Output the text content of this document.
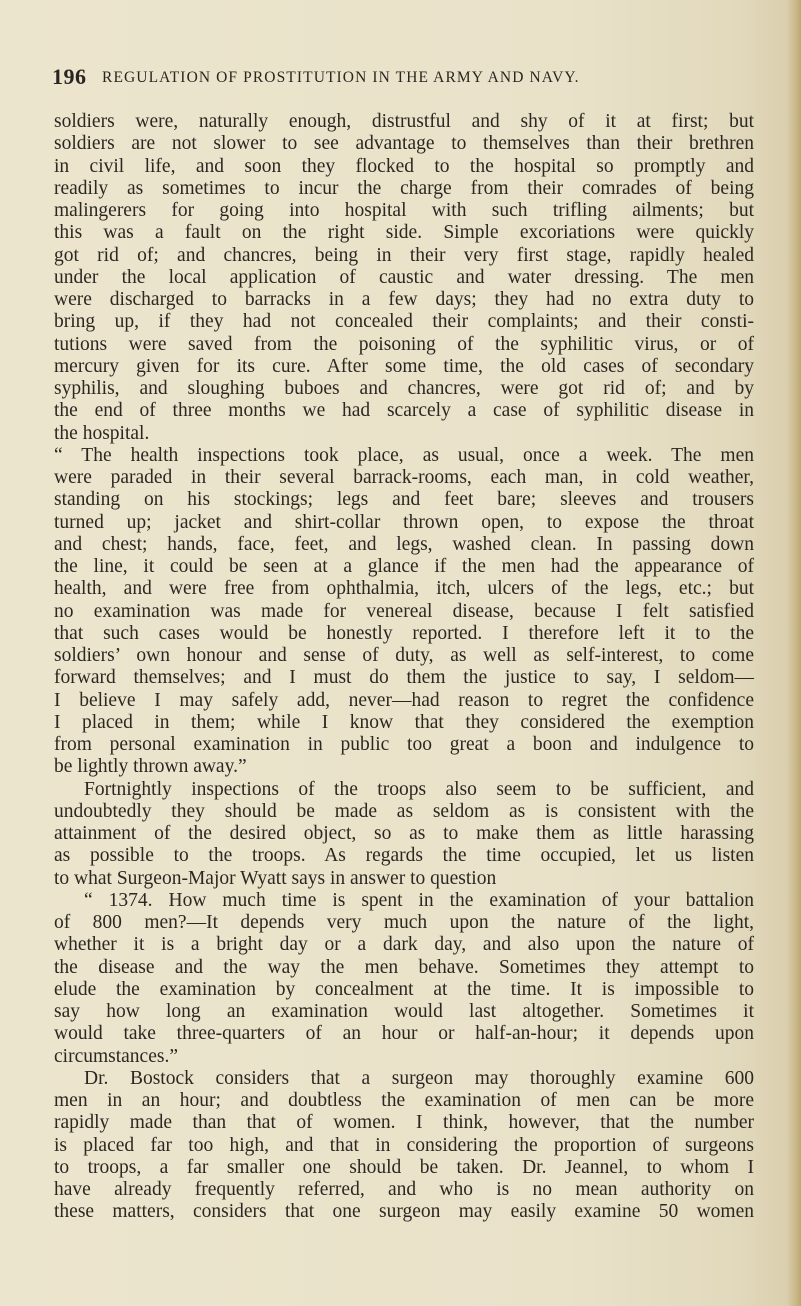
196 REGULATION OF PROSTITUTION IN THE ARMY AND NAVY.
soldiers were, naturally enough, distrustful and shy of it at first; but
soldiers are not slower to see advantage to themselves than their brethren
in civil life, and soon they flocked to the hospital so promptly and
readily as sometimes to incur the charge from their comrades of being
malingerers for going into hospital with such trifling ailments; but
this was a fault on the right side. Simple excoriations were quickly
got rid of; and chancres, being in their very first stage, rapidly healed
under the local application of caustic and water dressing. The men
were discharged to barracks in a few days; they had no extra duty to
bring up, if they had not concealed their complaints; and their consti-
tutions were saved from the poisoning of the syphilitic virus, or of
mercury given for its cure. After some time, the old cases of secondary
syphilis, and sloughing buboes and chancres, were got rid of; and by
the end of three months we had scarcely a case of syphilitic disease in
the hospital.
“ The health inspections took place, as usual, once a week. The men
were paraded in their several barrack-rooms, each man, in cold weather,
standing on his stockings; legs and feet bare; sleeves and trousers
turned up; jacket and shirt-collar thrown open, to expose the throat
and chest; hands, face, feet, and legs, washed clean. In passing down
the line, it could be seen at a glance if the men had the appearance of
health, and were free from ophthalmia, itch, ulcers of the legs, etc.; but
no examination was made for venereal disease, because I felt satisfied
that such cases would be honestly reported. I therefore left it to the
soldiers’ own honour and sense of duty, as well as self-interest, to come
forward themselves; and I must do them the justice to say, I seldom—
I believe I may safely add, never—had reason to regret the confidence
I placed in them; while I know that they considered the exemption
from personal examination in public too great a boon and indulgence to
be lightly thrown away.”
Fortnightly inspections of the troops also seem to be sufficient, and
undoubtedly they should be made as seldom as is consistent with the
attainment of the desired object, so as to make them as little harassing
as possible to the troops. As regards the time occupied, let us listen
to what Surgeon-Major Wyatt says in answer to question
“ 1374. How much time is spent in the examination of your battalion
of 800 men?—It depends very much upon the nature of the light,
whether it is a bright day or a dark day, and also upon the nature of
the disease and the way the men behave. Sometimes they attempt to
elude the examination by concealment at the time. It is impossible to
say how long an examination would last altogether. Sometimes it
would take three-quarters of an hour or half-an-hour; it depends upon
circumstances.”
Dr. Bostock considers that a surgeon may thoroughly examine 600
men in an hour; and doubtless the examination of men can be more
rapidly made than that of women. I think, however, that the number
is placed far too high, and that in considering the proportion of surgeons
to troops, a far smaller one should be taken. Dr. Jeannel, to whom I
have already frequently referred, and who is no mean authority on
these matters, considers that one surgeon may easily examine 50 women
